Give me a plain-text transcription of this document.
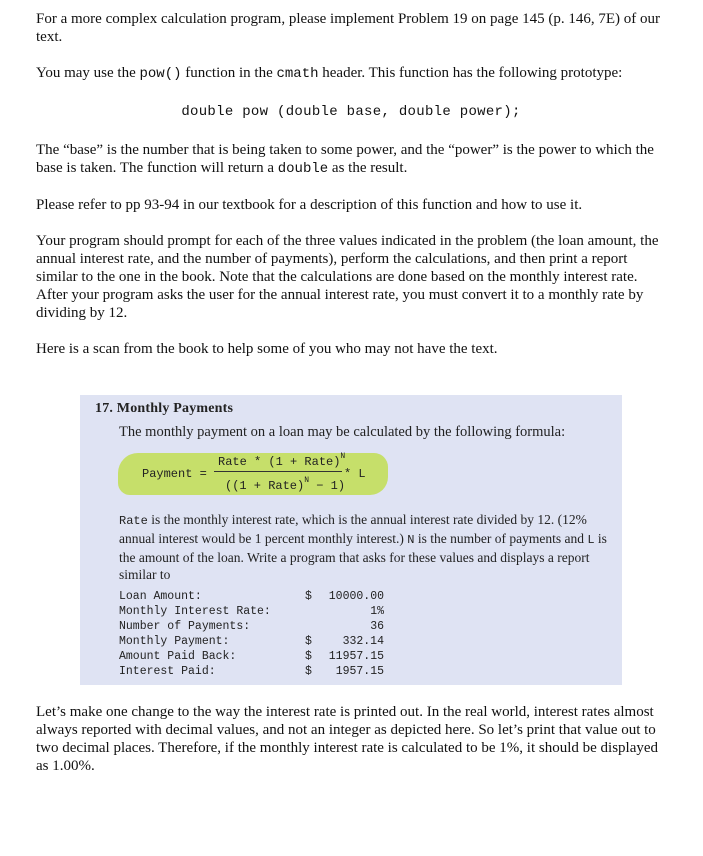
For a more complex calculation program, please implement Problem 19 on page 145 (p. 146, 7E) of our text.

You may use the pow() function in the cmath header. This function has the following prototype:

double pow (double base, double power);

The “base” is the number that is being taken to some power, and the “power” is the power to which the base is taken. The function will return a double as the result.

Please refer to pp 93-94 in our textbook for a description of this function and how to use it.

Your program should prompt for each of the three values indicated in the problem (the loan amount, the annual interest rate, and the number of payments), perform the calculations, and then print a report similar to the one in the book. Note that the calculations are done based on the monthly interest rate. After your program asks the user for the annual interest rate, you must convert it to a monthly rate by dividing by 12.

Here is a scan from the book to help some of you who may not have the text.

17. Monthly Payments
The monthly payment on a loan may be calculated by the following formula:
Payment =
Rate * (1 + Rate)$^N$
((1 + Rate)$^N$ − 1)
* L
Rate is the monthly interest rate, which is the annual interest rate divided by 12. (12% annual interest would be 1 percent monthly interest.) N is the number of payments and L is the amount of the loan. Write a program that asks for these values and displays a report similar to
Loan Amount:	$ 10000.00
Monthly Interest Rate:	1%
Number of Payments:	36
Monthly Payment:	$	332.14
Amount Paid Back:	$ 11957.15
Interest Paid:	$ 1957.15

Let’s make one change to the way the interest rate is printed out. In the real world, interest rates almost always reported with decimal values, and not an integer as depicted here. So let’s print that value out to two decimal places. Therefore, if the monthly interest rate is calculated to be 1%, it should be displayed as 1.00%.
